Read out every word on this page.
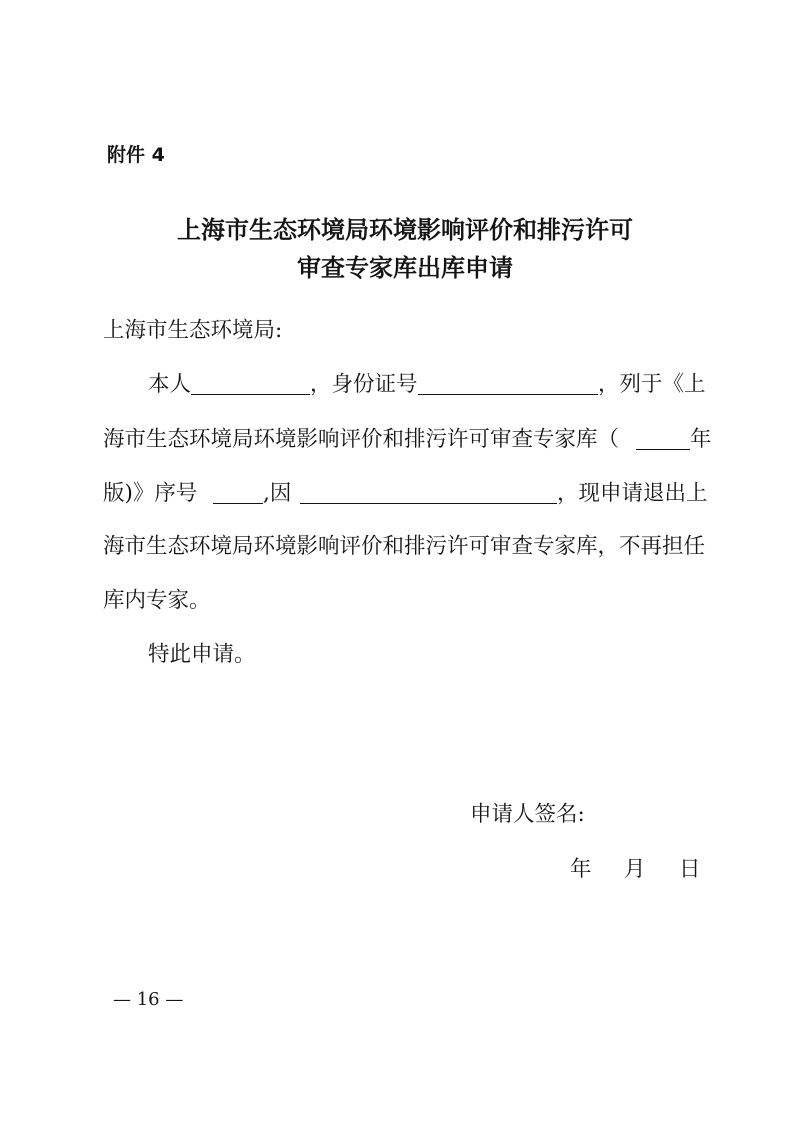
附件 4
上海市生态环境局环境影响评价和排污许可
审查专家库出库申请
上海市生态环境局:
本人	，身份证号	，列于《上
海市生态环境局环境影响评价和排污许可审查专家库（	年
版)》序号	,因	，现申请退出上
海市生态环境局环境影响评价和排污许可审查专家库，不再担任
库内专家。
特此申请。
申请人签名:
年 月 日
— 16 —
